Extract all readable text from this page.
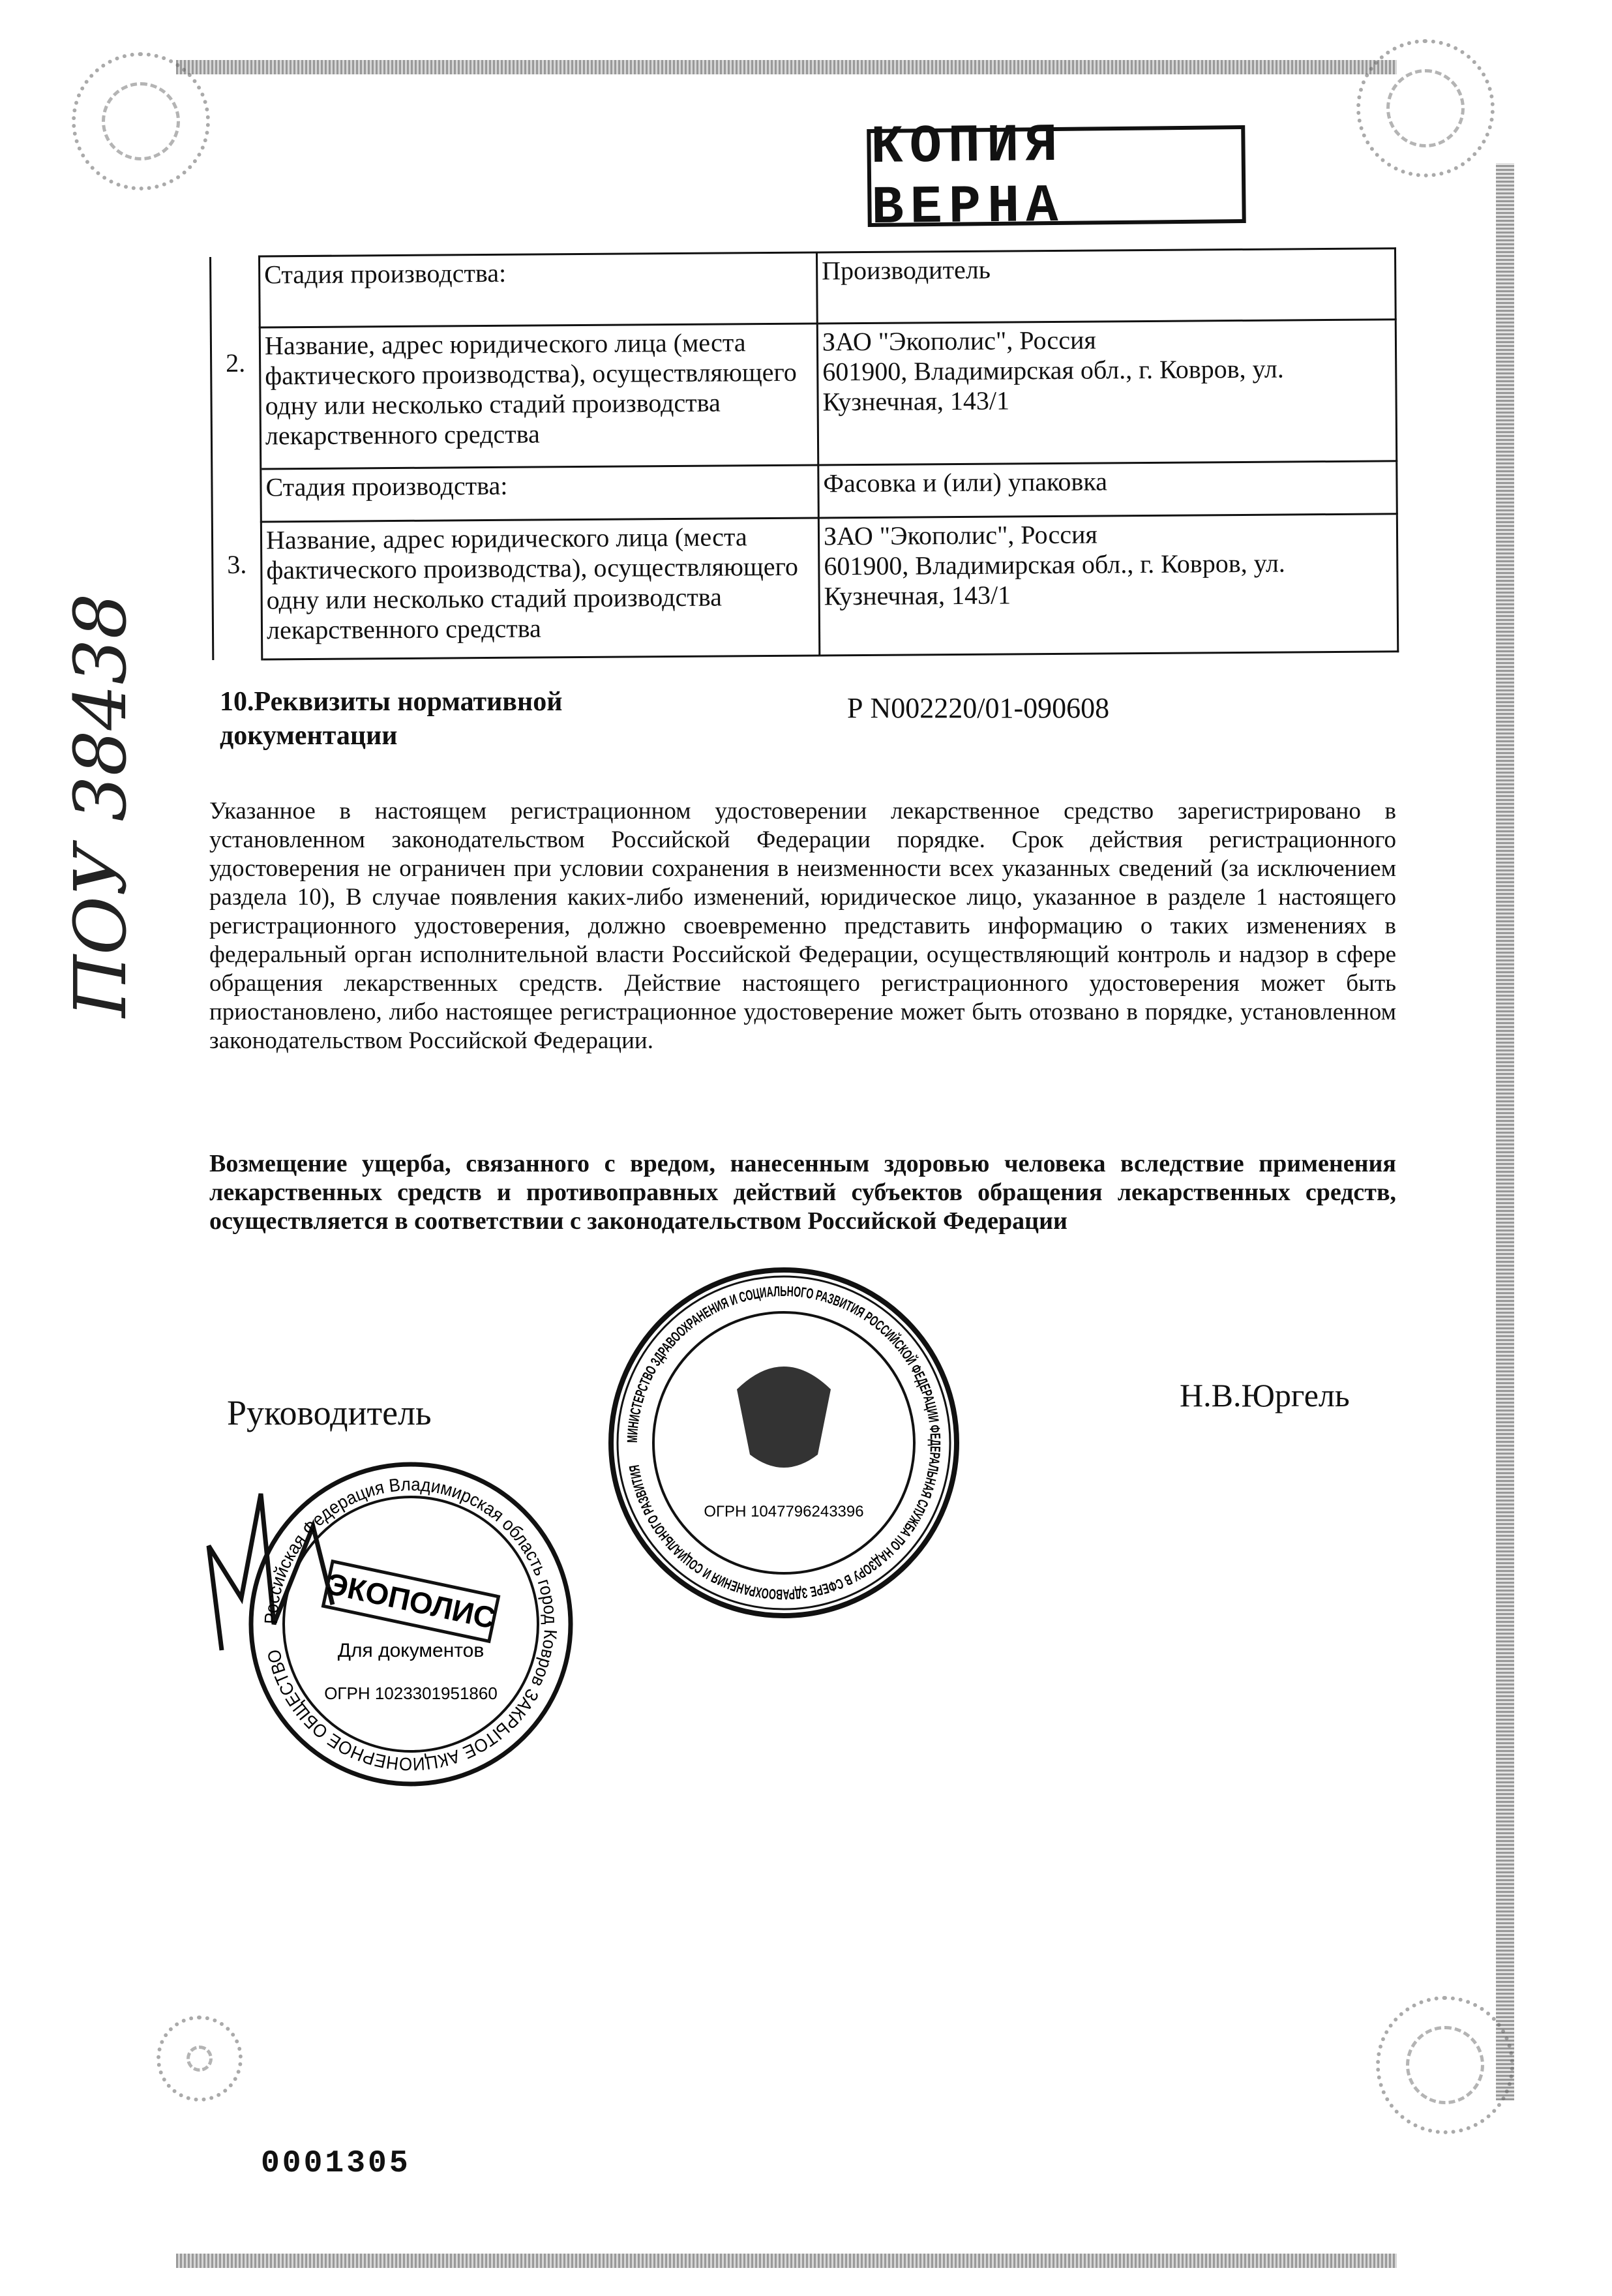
КОПИЯ ВЕРНА
2.	Стадия производства:	Производитель
	Название, адрес юридического лица (места фактического производства), осуществляющего одну или несколько стадий производства лекарственного средства	ЗАО "Экополис", Россия
601900, Владимирская обл., г. Ковров, ул. Кузнечная, 143/1

3.	Стадия производства:	Фасовка и (или) упаковка
	Название, адрес юридического лица (места фактического производства), осуществляющего одну или несколько стадий производства лекарственного средства	ЗАО "Экополис", Россия
601900, Владимирская обл., г. Ковров, ул. Кузнечная, 143/1
10.Реквизиты нормативной документации
Р N002220/01-090608
Указанное в настоящем регистрационном удостоверении лекарственное средство зарегистрировано в установленном законодательством Российской Федерации порядке. Срок действия регистрационного удостоверения не ограничен при условии сохранения в неизменности всех указанных сведений (за исключением раздела 10), В случае появления каких-либо изменений, юридическое лицо, указанное в разделе 1 настоящего регистрационного удостоверения, должно своевременно представить информацию о таких изменениях в федеральный орган исполнительной власти Российской Федерации, осуществляющий контроль и надзор в сфере обращения лекарственных средств. Действие настоящего регистрационного удостоверения может быть приостановлено, либо настоящее регистрационное удостоверение может быть отозвано в порядке, установленном законодательством Российской Федерации.
Возмещение ущерба, связанного с вредом, нанесенным здоровью человека вследствие применения лекарственных средств и противоправных действий субъектов обращения лекарственных средств, осуществляется в соответствии с законодательством Российской Федерации
Руководитель	Н.В.Юргель
Российская Федерация Владимирская область город Ковров ЗАКРЫТОЕ АКЦИОНЕРНОЕ ОБЩЕСТВО
ЭКОПОЛИС
Для документов
ОГРН 1023301951860
МИНИСТЕРСТВО ЗДРАВООХРАНЕНИЯ И СОЦИАЛЬНОГО РАЗВИТИЯ РОССИЙСКОЙ ФЕДЕРАЦИИ ФЕДЕРАЛЬНАЯ СЛУЖБА ПО НАДЗОРУ В СФЕРЕ ЗДРАВООХРАНЕНИЯ И СОЦИАЛЬНОГО РАЗВИТИЯ
ОГРН 1047796243396
ПОУ 38438
0001305
